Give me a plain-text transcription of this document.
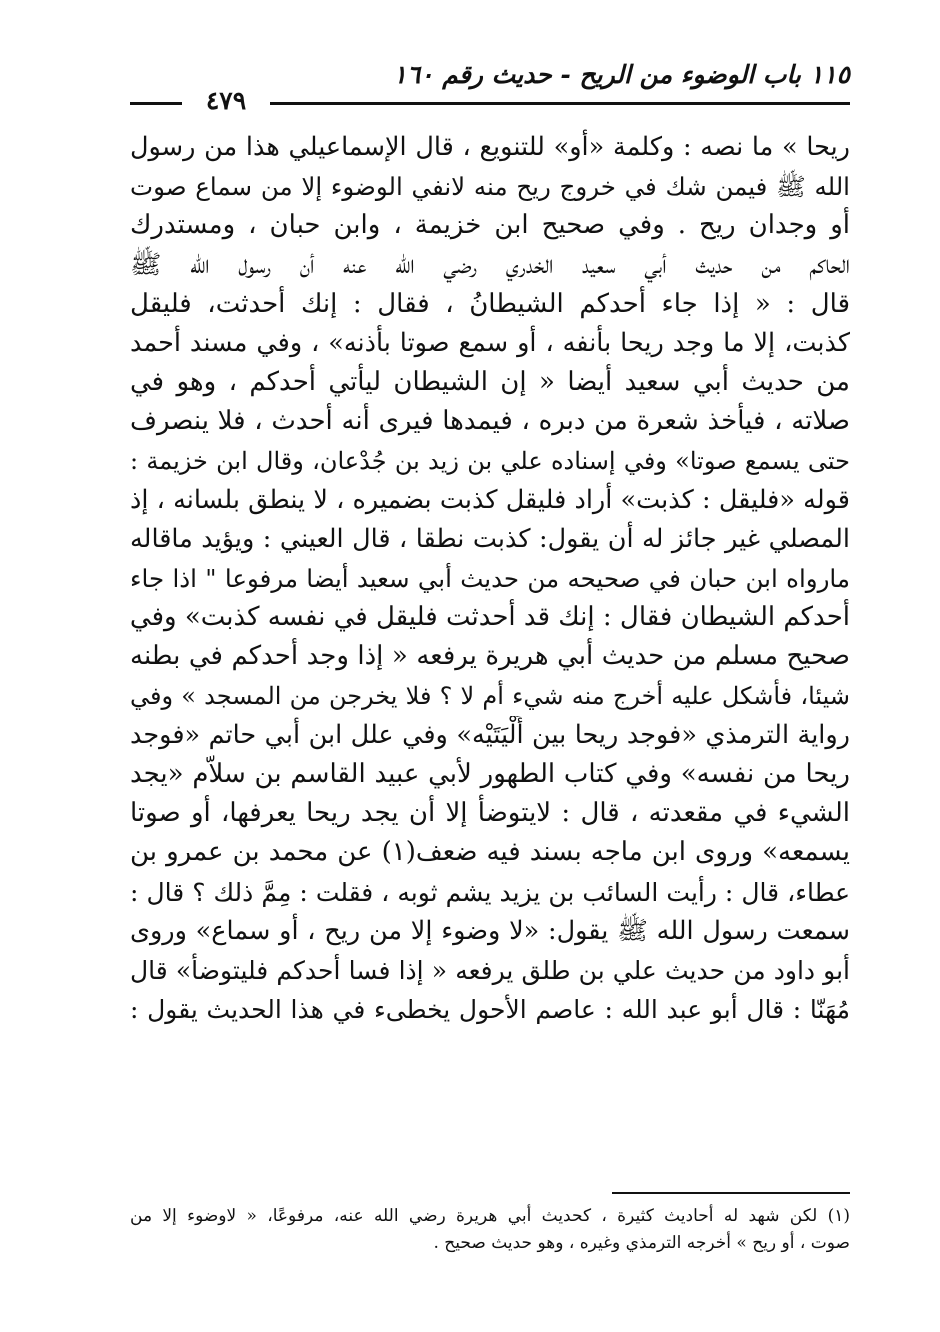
١١٥ باب الوضوء من الريح - حديث رقم ١٦٠
٤٧٩
ريحا » ما نصه : وكلمة «أو» للتنويع ، قال الإسماعيلي هذا من رسول
الله ﷺ فيمن شك في خروج ريح منه لانفي الوضوء إلا من سماع صوت
أو وجدان ريح . وفي صحيح ابن خزيمة ، وابن حبان ، ومستدرك
الحاكم من حديث أبي سعيد الخدري رضي الله عنه أن رسول الله ﷺ
قال : « إذا جاء أحدكم الشيطانُ ، فقال : إنك أحدثت، فليقل
كذبت، إلا ما وجد ريحا بأنفه ، أو سمع صوتا بأذنه» ، وفي مسند أحمد
من حديث أبي سعيد أيضا « إن الشيطان ليأتي أحدكم ، وهو في
صلاته ، فيأخذ شعرة من دبره ، فيمدها فيرى أنه أحدث ، فلا ينصرف
حتى يسمع صوتا» وفي إسناده علي بن زيد بن جُدْعان، وقال ابن خزيمة :
قوله «فليقل : كذبت» أراد فليقل كذبت بضميره ، لا ينطق بلسانه ، إذ
المصلي غير جائز له أن يقول: كذبت نطقا ، قال العيني : ويؤيد ماقاله
مارواه ابن حبان في صحيحه من حديث أبي سعيد أيضا مرفوعا " اذا جاء
أحدكم الشيطان فقال : إنك قد أحدثت فليقل في نفسه كذبت» وفي
صحيح مسلم من حديث أبي هريرة يرفعه « إذا وجد أحدكم في بطنه
شيئا، فأشكل عليه أخرج منه شيء أم لا ؟ فلا يخرجن من المسجد » وفي
رواية الترمذي «فوجد ريحا بين أَلْيَتَيْه» وفي علل ابن أبي حاتم «فوجد
ريحا من نفسه» وفي كتاب الطهور لأبي عبيد القاسم بن سلاّم «يجد
الشيء في مقعدته ، قال : لايتوضأ إلا أن يجد ريحا يعرفها، أو صوتا
يسمعه» وروى ابن ماجه بسند فيه ضعف(١) عن محمد بن عمرو بن
عطاء، قال : رأيت السائب بن يزيد يشم ثوبه ، فقلت : مِمَّ ذلك ؟ قال :
سمعت رسول الله ﷺ يقول: «لا وضوء إلا من ريح ، أو سماع» وروى
أبو داود من حديث علي بن طلق يرفعه « إذا فسا أحدكم فليتوضأ» قال
مُهَنّا : قال أبو عبد الله : عاصم الأحول يخطىء في هذا الحديث يقول :
(١) لكن شهد له أحاديث كثيرة ، كحديث أبي هريرة رضي الله عنه، مرفوعًا، « لاوضوء إلا من
صوت ، أو ريح » أخرجه الترمذي وغيره ، وهو حديث صحيح .
